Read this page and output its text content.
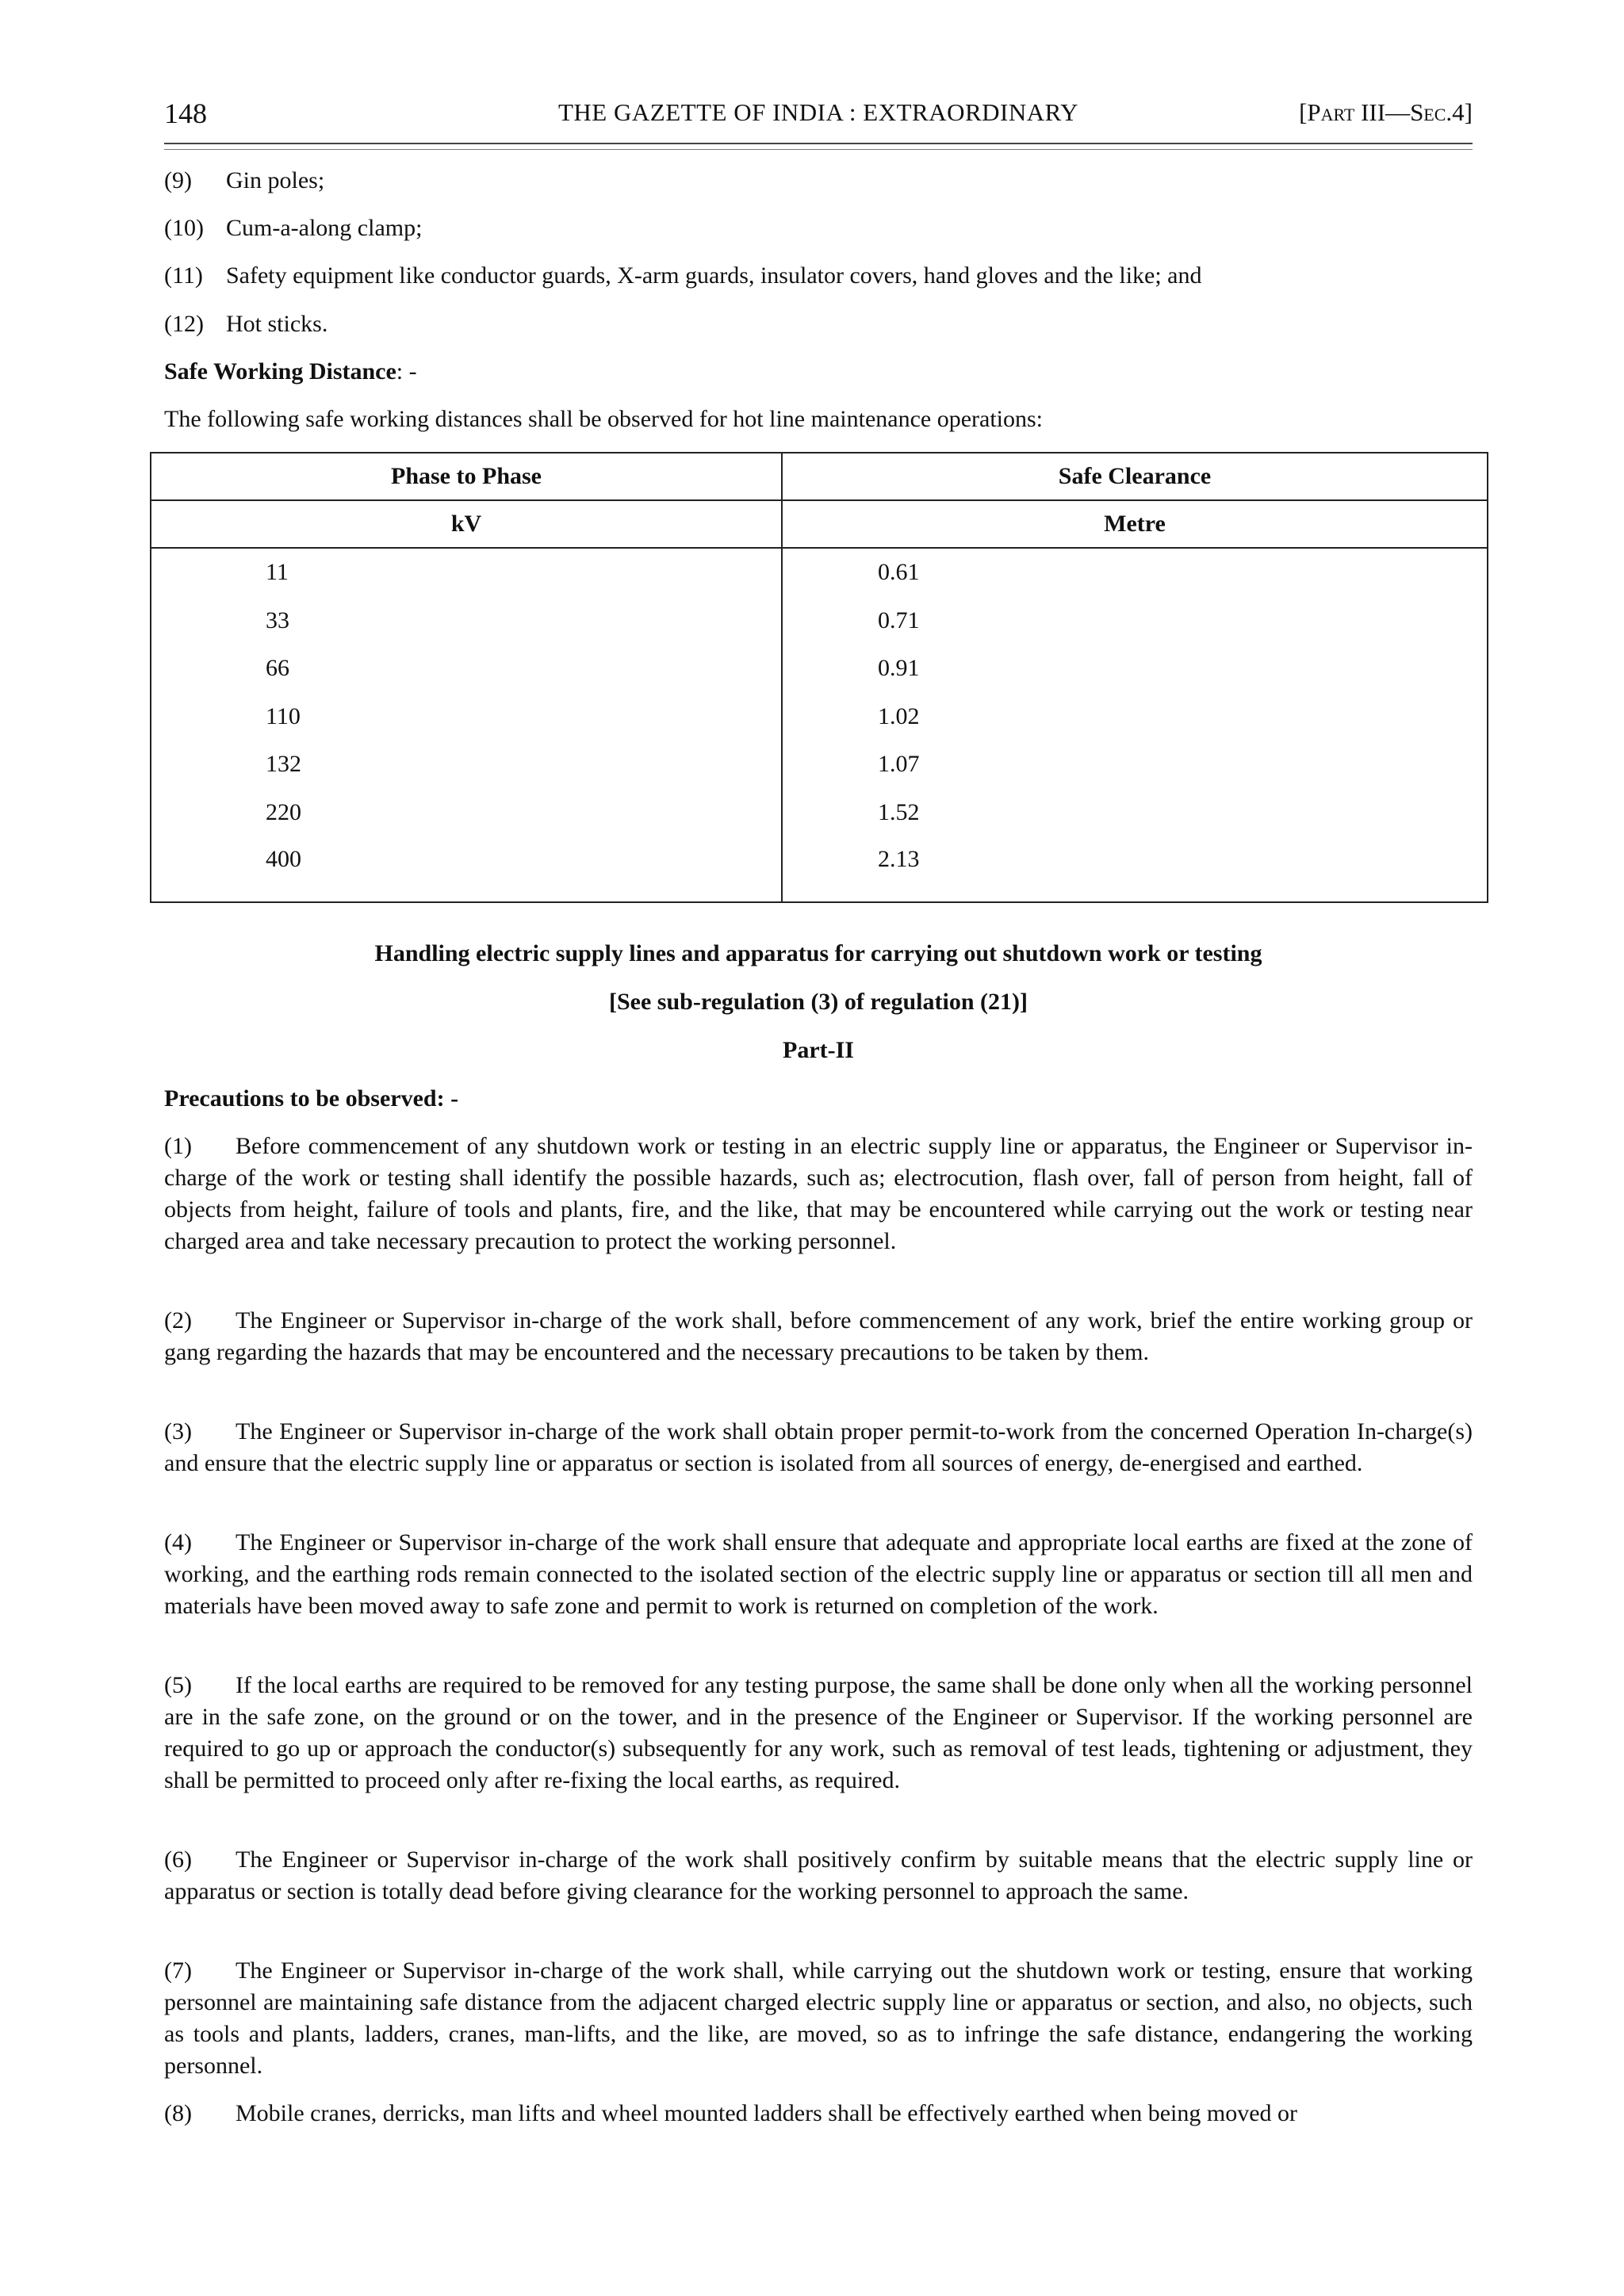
148	THE GAZETTE OF INDIA : EXTRAORDINARY	[Part III—Sec.4]
(9) Gin poles;
(10) Cum-a-along clamp;
(11) Safety equipment like conductor guards, X-arm guards, insulator covers, hand gloves and the like; and
(12) Hot sticks.
Safe Working Distance: -
The following safe working distances shall be observed for hot line maintenance operations:
Phase to Phase	Safe Clearance
kV	Metre
11	0.61
33	0.71
66	0.91
110	1.02
132	1.07
220	1.52
400	2.13
Handling electric supply lines and apparatus for carrying out shutdown work or testing
[See sub-regulation (3) of regulation (21)]
Part-II
Precautions to be observed: -
(1) Before commencement of any shutdown work or testing in an electric supply line or apparatus, the Engineer or Supervisor in-charge of the work or testing shall identify the possible hazards, such as; electrocution, flash over, fall of person from height, fall of objects from height, failure of tools and plants, fire, and the like, that may be encountered while carrying out the work or testing near charged area and take necessary precaution to protect the working personnel.
(2) The Engineer or Supervisor in-charge of the work shall, before commencement of any work, brief the entire working group or gang regarding the hazards that may be encountered and the necessary precautions to be taken by them.
(3) The Engineer or Supervisor in-charge of the work shall obtain proper permit-to-work from the concerned Operation In-charge(s) and ensure that the electric supply line or apparatus or section is isolated from all sources of energy, de-energised and earthed.
(4) The Engineer or Supervisor in-charge of the work shall ensure that adequate and appropriate local earths are fixed at the zone of working, and the earthing rods remain connected to the isolated section of the electric supply line or apparatus or section till all men and materials have been moved away to safe zone and permit to work is returned on completion of the work.
(5) If the local earths are required to be removed for any testing purpose, the same shall be done only when all the working personnel are in the safe zone, on the ground or on the tower, and in the presence of the Engineer or Supervisor. If the working personnel are required to go up or approach the conductor(s) subsequently for any work, such as removal of test leads, tightening or adjustment, they shall be permitted to proceed only after re-fixing the local earths, as required.
(6) The Engineer or Supervisor in-charge of the work shall positively confirm by suitable means that the electric supply line or apparatus or section is totally dead before giving clearance for the working personnel to approach the same.
(7) The Engineer or Supervisor in-charge of the work shall, while carrying out the shutdown work or testing, ensure that working personnel are maintaining safe distance from the adjacent charged electric supply line or apparatus or section, and also, no objects, such as tools and plants, ladders, cranes, man-lifts, and the like, are moved, so as to infringe the safe distance, endangering the working personnel.
(8) Mobile cranes, derricks, man lifts and wheel mounted ladders shall be effectively earthed when being moved or
